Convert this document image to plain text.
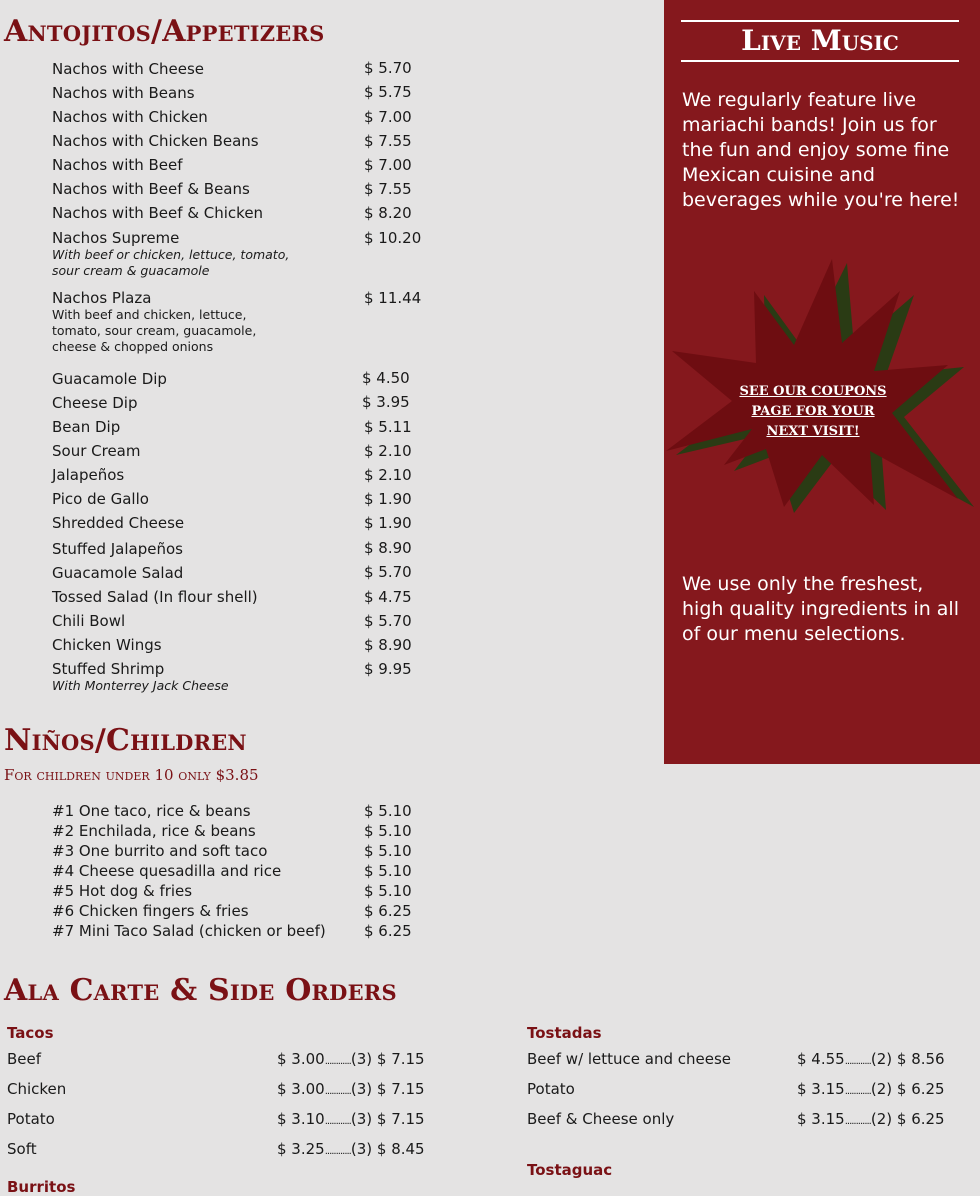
Antojitos/Appetizers
Nachos with Cheese	$ 5.70
Nachos with Beans	$ 5.75
Nachos with Chicken	$ 7.00
Nachos with Chicken Beans	$ 7.55
Nachos with Beef	$ 7.00
Nachos with Beef & Beans	$ 7.55
Nachos with Beef & Chicken	$ 8.20
Nachos Supreme	$ 10.20
With beef or chicken, lettuce, tomato,
sour cream & guacamole
Nachos Plaza	$ 11.44
With beef and chicken, lettuce,
tomato, sour cream, guacamole,
cheese & chopped onions
Guacamole Dip	$ 4.50
Cheese Dip	$ 3.95
Bean Dip	$ 5.11
Sour Cream	$ 2.10
Jalapeños	$ 2.10
Pico de Gallo	$ 1.90
Shredded Cheese	$ 1.90
Stuffed Jalapeños	$ 8.90
Guacamole Salad	$ 5.70
Tossed Salad (In flour shell)	$ 4.75
Chili Bowl	$ 5.70
Chicken Wings	$ 8.90
Stuffed Shrimp	$ 9.95
With Monterrey Jack Cheese
Live Music
We regularly feature live mariachi bands! Join us for the fun and enjoy some fine Mexican cuisine and beverages while you're here!
SEE OUR COUPONS PAGE FOR YOUR NEXT VISIT!
We use only the freshest, high quality ingredients in all of our menu selections.
Niños/Children
For children under 10 only $3.85
#1 One taco, rice & beans	$ 5.10
#2 Enchilada, rice & beans	$ 5.10
#3 One burrito and soft taco	$ 5.10
#4 Cheese quesadilla and rice	$ 5.10
#5 Hot dog & fries	$ 5.10
#6 Chicken fingers & fries	$ 6.25
#7 Mini Taco Salad (chicken or beef)	$ 6.25
Ala Carte & Side Orders
Tacos
Beef	$ 3.00............(3) $ 7.15
Chicken	$ 3.00............(3) $ 7.15
Potato	$ 3.10............(3) $ 7.15
Soft	$ 3.25............(3) $ 8.45
Burritos
Tostadas
Beef w/ lettuce and cheese	$ 4.55............(2) $ 8.56
Potato	$ 3.15............(2) $ 6.25
Beef & Cheese only	$ 3.15............(2) $ 6.25
Tostaguac
